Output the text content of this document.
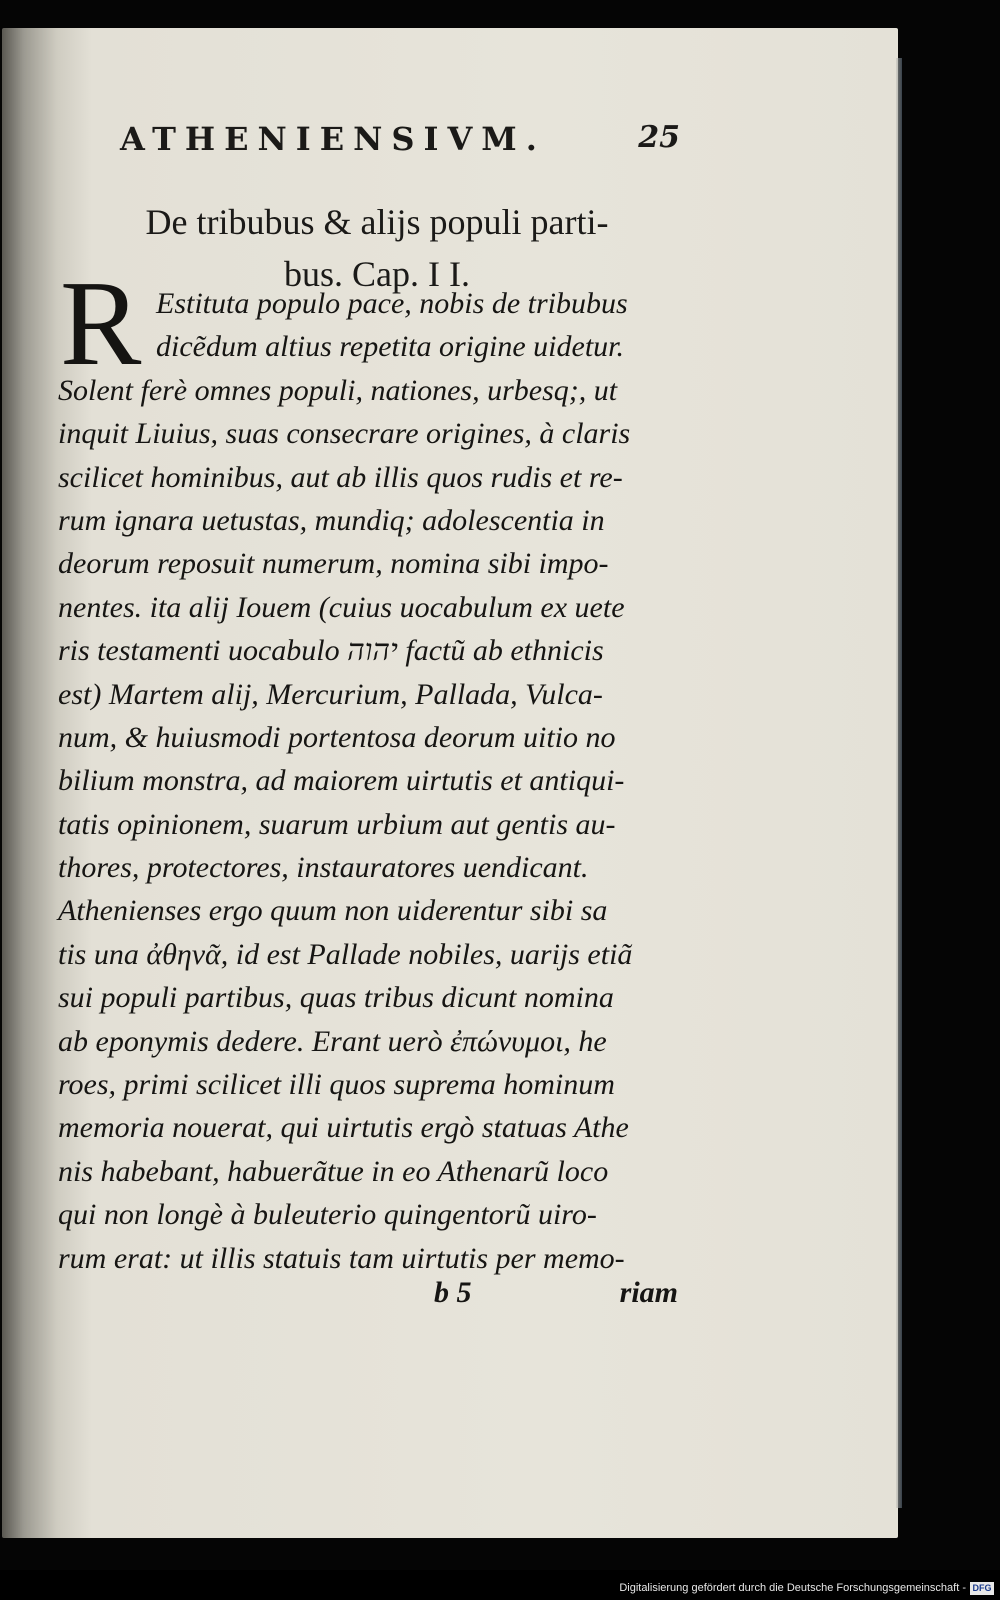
ATHENIENSIVM.	25
De tribubus & alijs populi parti-
bus. Cap. I I.
R Estituta populo pace, nobis de tribubus
dicẽdum altius repetita origine uidetur.
Solent ferè omnes populi, nationes, urbesq;, ut
inquit Liuius, suas consecrare origines, à claris
scilicet hominibus, aut ab illis quos rudis et re-
rum ignara uetustas, mundiq; adolescentia in
deorum reposuit numerum, nomina sibi impo-
nentes. ita alij Iouem (cuius uocabulum ex uete
ris testamenti uocabulo יהוה factũ ab ethnicis
est) Martem alij, Mercurium, Pallada, Vulca-
num, & huiusmodi portentosa deorum uitio no
bilium monstra, ad maiorem uirtutis et antiqui-
tatis opinionem, suarum urbium aut gentis au-
thores, protectores, instauratores uendicant.
Athenienses ergo quum non uiderentur sibi sa
tis una ἀθηνᾶ, id est Pallade nobiles, uarijs etiã
sui populi partibus, quas tribus dicunt nomina
ab eponymis dedere. Erant uerò ἐπώνυμοι, he
roes, primi scilicet illi quos suprema hominum
memoria nouerat, qui uirtutis ergò statuas Athe
nis habebant, habuerãtue in eo Athenarũ loco
qui non longè à buleuterio quingentorũ uiro-
rum erat: ut illis statuis tam uirtutis per memo-
b 5	riam
Digitalisierung gefördert durch die Deutsche Forschungsgemeinschaft - DFG
